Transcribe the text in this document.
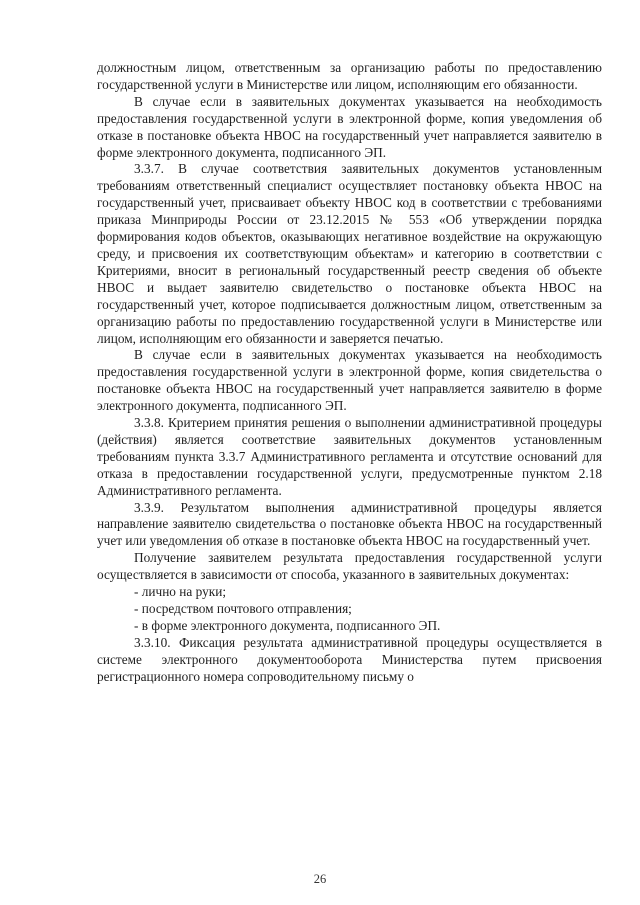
должностным лицом, ответственным за организацию работы по предоставлению государственной услуги в Министерстве или лицом, исполняющим его обязанности.

В случае если в заявительных документах указывается на необходимость предоставления государственной услуги в электронной форме, копия уведомления об отказе в постановке объекта НВОС на государственный учет направляется заявителю в форме электронного документа, подписанного ЭП.

3.3.7. В случае соответствия заявительных документов установленным требованиям ответственный специалист осуществляет постановку объекта НВОС на государственный учет, присваивает объекту НВОС код в соответствии с требованиями приказа Минприроды России от 23.12.2015 № 553 «Об утверждении порядка формирования кодов объектов, оказывающих негативное воздействие на окружающую среду, и присвоения их соответствующим объектам» и категорию в соответствии с Критериями, вносит в региональный государственный реестр сведения об объекте НВОС и выдает заявителю свидетельство о постановке объекта НВОС на государственный учет, которое подписывается должностным лицом, ответственным за организацию работы по предоставлению государственной услуги в Министерстве или лицом, исполняющим его обязанности и заверяется печатью.

В случае если в заявительных документах указывается на необходимость предоставления государственной услуги в электронной форме, копия свидетельства о постановке объекта НВОС на государственный учет направляется заявителю в форме электронного документа, подписанного ЭП.

3.3.8. Критерием принятия решения о выполнении административной процедуры (действия) является соответствие заявительных документов установленным требованиям пункта 3.3.7 Административного регламента и отсутствие оснований для отказа в предоставлении государственной услуги, предусмотренные пунктом 2.18 Административного регламента.

3.3.9. Результатом выполнения административной процедуры является направление заявителю свидетельства о постановке объекта НВОС на государственный учет или уведомления об отказе в постановке объекта НВОС на государственный учет.

Получение заявителем результата предоставления государственной услуги осуществляется в зависимости от способа, указанного в заявительных документах:

- лично на руки;

- посредством почтового отправления;

- в форме электронного документа, подписанного ЭП.

3.3.10. Фиксация результата административной процедуры осуществляется в системе электронного документооборота Министерства путем присвоения регистрационного номера сопроводительному письму о

26
